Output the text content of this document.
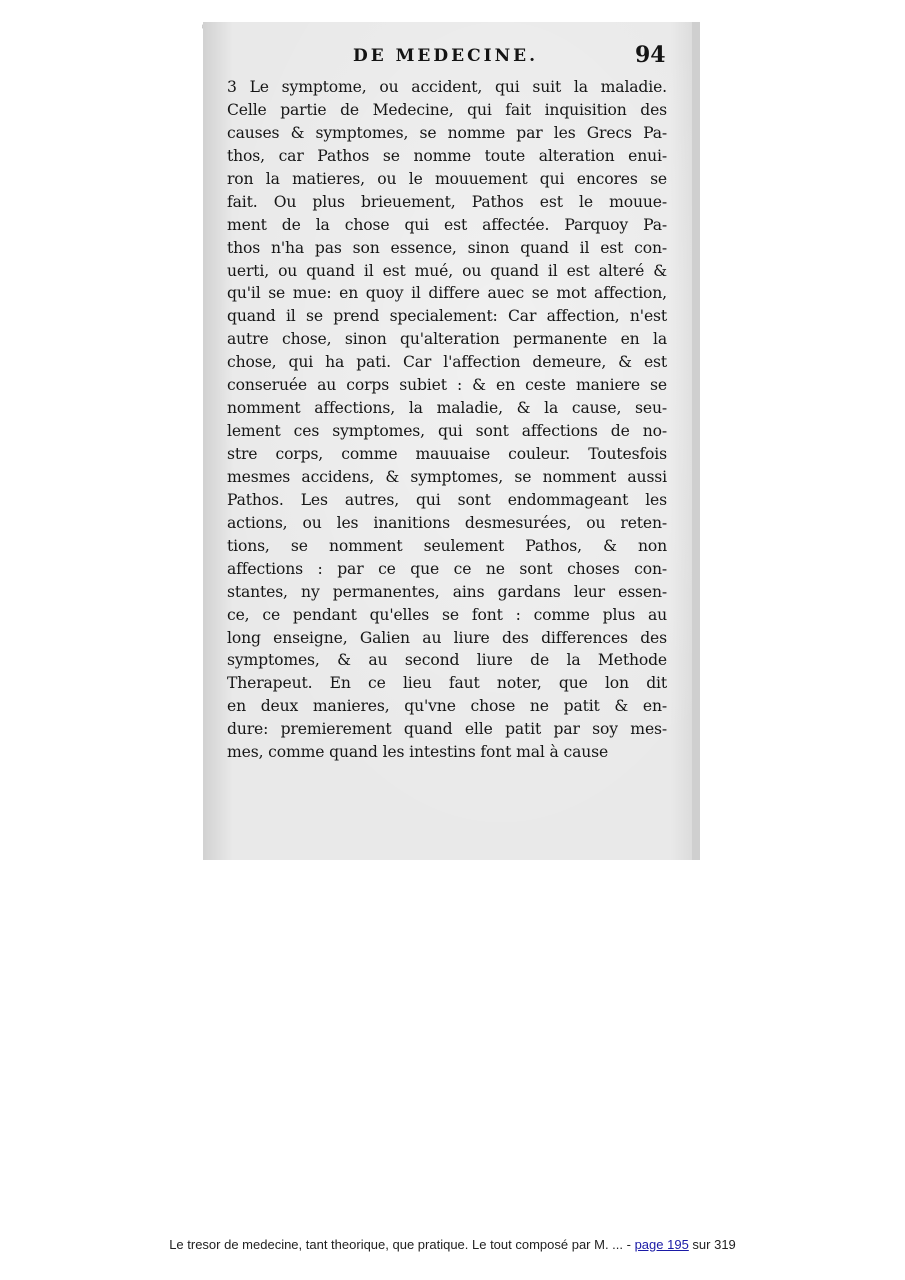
DE MEDECINE.	94
3 Le symptome, ou accident, qui suit la maladie.
Celle partie de Medecine, qui fait inquisition des
causes & symptomes, se nomme par les Grecs Pa-
thos, car Pathos se nomme toute alteration enui-
ron la matieres, ou le mouuement qui encores se
fait. Ou plus brieuement, Pathos est le mouue-
ment de la chose qui est affectée. Parquoy Pa-
thos n'ha pas son essence, sinon quand il est con-
uerti, ou quand il est mué, ou quand il est alteré &
qu'il se mue: en quoy il differe auec se mot affection,
quand il se prend specialement: Car affection, n'est
autre chose, sinon qu'alteration permanente en la
chose, qui ha pati. Car l'affection demeure, & est
conseruée au corps subiet : & en ceste maniere se
nomment affections, la maladie, & la cause, seu-
lement ces symptomes, qui sont affections de no-
stre corps, comme mauuaise couleur. Toutesfois
mesmes accidens, & symptomes, se nomment aussi
Pathos. Les autres, qui sont endommageant les
actions, ou les inanitions desmesurées, ou reten-
tions, se nomment seulement Pathos, & non
affections : par ce que ce ne sont choses con-
stantes, ny permanentes, ains gardans leur essen-
ce, ce pendant qu'elles se font : comme plus au
long enseigne, Galien au liure des differences des
symptomes, & au second liure de la Methode
Therapeut. En ce lieu faut noter, que lon dit
en deux manieres, qu'vne chose ne patit & en-
dure: premierement quand elle patit par soy mes-
mes, comme quand les intestins font mal à cause
Le tresor de medecine, tant theorique, que pratique. Le tout composé par M. ... - page 195 sur 319
